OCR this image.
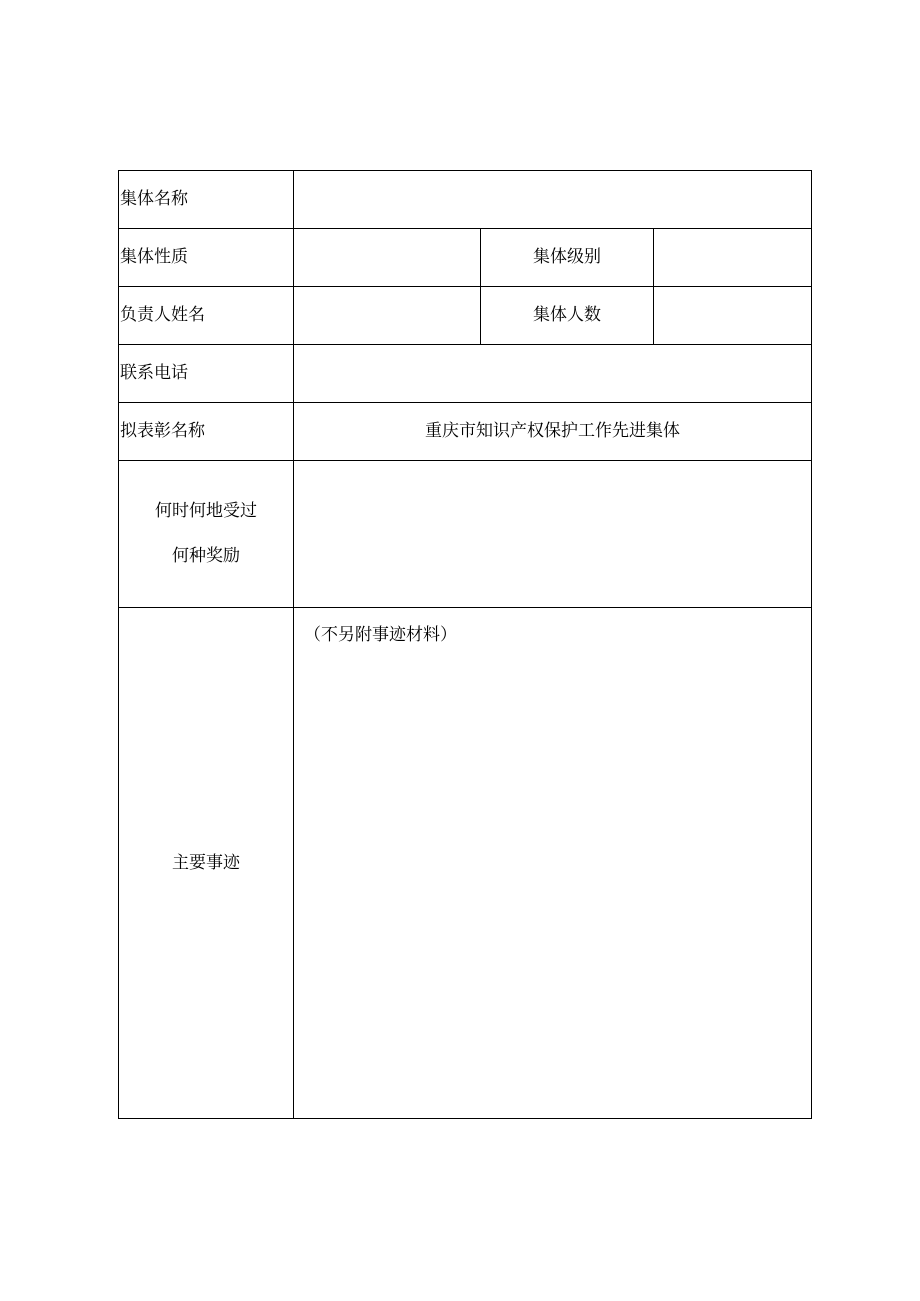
集体名称			
集体性质		集体级别	
负责人姓名		集体人数	
联系电话			
拟表彰名称	重庆市知识产权保护工作先进集体		

何时何地受过
何种奖励			

主要事迹	（不另附事迹材料）		
